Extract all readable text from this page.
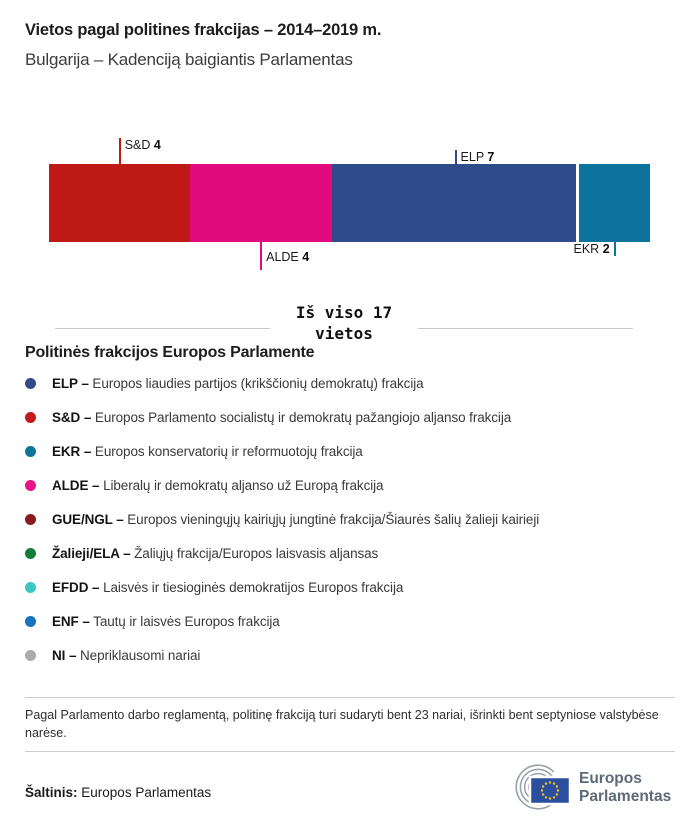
Vietos pagal politines frakcijas – 2014–2019 m.
Bulgarija – Kadenciją baigiantis Parlamentas
S&D 4
ALDE 4
ELP 7
EKR 2
Iš viso 17
vietos
Politinės frakcijos Europos Parlamente
ELP – Europos liaudies partijos (krikščionių demokratų) frakcija
S&D – Europos Parlamento socialistų ir demokratų pažangiojo aljanso frakcija
EKR – Europos konservatorių ir reformuotojų frakcija
ALDE – Liberalų ir demokratų aljanso už Europą frakcija
GUE/NGL – Europos vieningųjų kairiųjų jungtinė frakcija/Šiaurės šalių žalieji kairieji
Žalieji/ELA – Žaliųjų frakcija/Europos laisvasis aljansas
EFDD – Laisvės ir tiesioginės demokratijos Europos frakcija
ENF – Tautų ir laisvės Europos frakcija
NI – Nepriklausomi nariai

Pagal Parlamento darbo reglamentą, politinę frakciją turi sudaryti bent 23 nariai, išrinkti bent septyniose valstybėse narėse.

Šaltinis: Europos Parlamentas
Europos
Parlamentas
